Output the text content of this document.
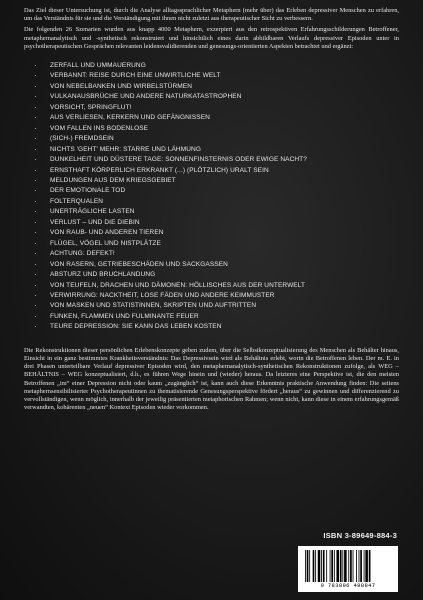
Das Ziel dieser Untersuchung ist, durch die Analyse alltagssprachlicher Metaphern (mehr über) das Erleben depressiver Menschen zu erfahren, um das Verständnis für sie und die Verständigung mit ihnen nicht zuletzt aus therapeutischer Sicht zu verbessern.

Die folgenden 26 Szenarien wurden aus knapp 4000 Metaphern, exzerpiert aus den retrospektiven Erfahrungsschilderungen Betroffener, metaphernanalytisch und -synthetisch rekonstruiert und hinsichtlich eines darin abbildbaren Verlaufs depressiver Episoden unter in psychotherapeutischen Gesprächen relevanten leidensvalidierenden und genesungs-orientierten Aspekten betrachtet und ergänzt:

· ZERFALL UND UMMAUERUNG
· VERBANNT: REISE DURCH EINE UNWIRTLICHE WELT
· VON NEBELBANKEN UND WIRBELSTÜRMEN
· VULKANAUSBRÜCHE UND ANDERE NATURKATASTROPHEN
· VORSICHT, SPRINGFLUT!
· AUS VERLIESEN, KERKERN UND GEFÄNGNISSEN
· VOM FALLEN INS BODENLOSE
· (SICH-) FREMDSEIN
· NICHTS 'GEHT' MEHR: STARRE UND LÄHMUNG
· DUNKELHEIT UND DÜSTERE TAGE: SONNENFINSTERNIS ODER EWIGE NACHT?
· ERNSTHAFT KÖRPERLICH ERKRANKT (...) (PLÖTZLICH) URALT SEIN
· MELDUNGEN AUS DEM KRIEGSGEBIET
· DER EMOTIONALE TOD
· FOLTERQUALEN
· UNERTRÄGLICHE LASTEN
· VERLUST – UND DIE DIEBIN
· VON RAUB- UND ANDEREN TIEREN
· FLÜGEL, VÖGEL UND NISTPLÄTZE
· ACHTUNG: DEFEKT!
· VON RASERN, GETRIEBESCHÄDEN UND SACKGASSEN
· ABSTURZ UND BRUCHLANDUNG
· VON TEUFELN, DRACHEN UND DÄMONEN: HÖLLISCHES AUS DER UNTERWELT
· VERWIRRUNG: NACKTHEIT, LOSE FÄDEN UND ANDERE KEIMMUSTER
· VON MASKEN UND STATISTINNEN, SKRIPTEN UND AUFTRITTEN
· FUNKEN, FLAMMEN UND FULMINANTE FEUER
· TEURE DEPRESSION: SIE KANN DAS LEBEN KOSTEN

Die Rekonstruktionen dieser persönlichen Erlebenskonzepte geben zudem, über die Selbstkonzeptualisierung des Menschen als Behälter hinaus, Einsicht in ein ganz bestimmtes Krankheitsverständnis: Das Depressivsein wird als Behältnis erlebt, worin die Betroffenen leben. Der m. E. in drei Phasen unterteilbare Verlauf depressiver Episoden wird, den metaphernanalytisch-synthetischen Rekonstruktionen zufolge, als WEG – BEHÄLTNIS – WEG konzeptualisiert, d.h., es führen Wege hinein und (wieder) heraus. Da letzteres eine Perspektive ist, die den meisten Betroffenen „im“ einer Depression nicht oder kaum „zugänglich“ ist, kann auch diese Erkenntnis praktische Anwendung finden: Die seitens metaphernsensibilisierter Psychotherapeutinnen zu thematisierende Genesungsperspektive fördert „heraus“ zu gewinnen und differenzierend zu vervollständigen, wenn möglich, innerhalb der jeweilig präsentierten metaphorischen Rahmen; wenn nicht, kann diese in einem erfahrungsgemäß verwandten, kohärenten „neuen“ Kontext Episoden wieder vorkommen.

ISBN 3-89649-884-3
9 783896 498847
